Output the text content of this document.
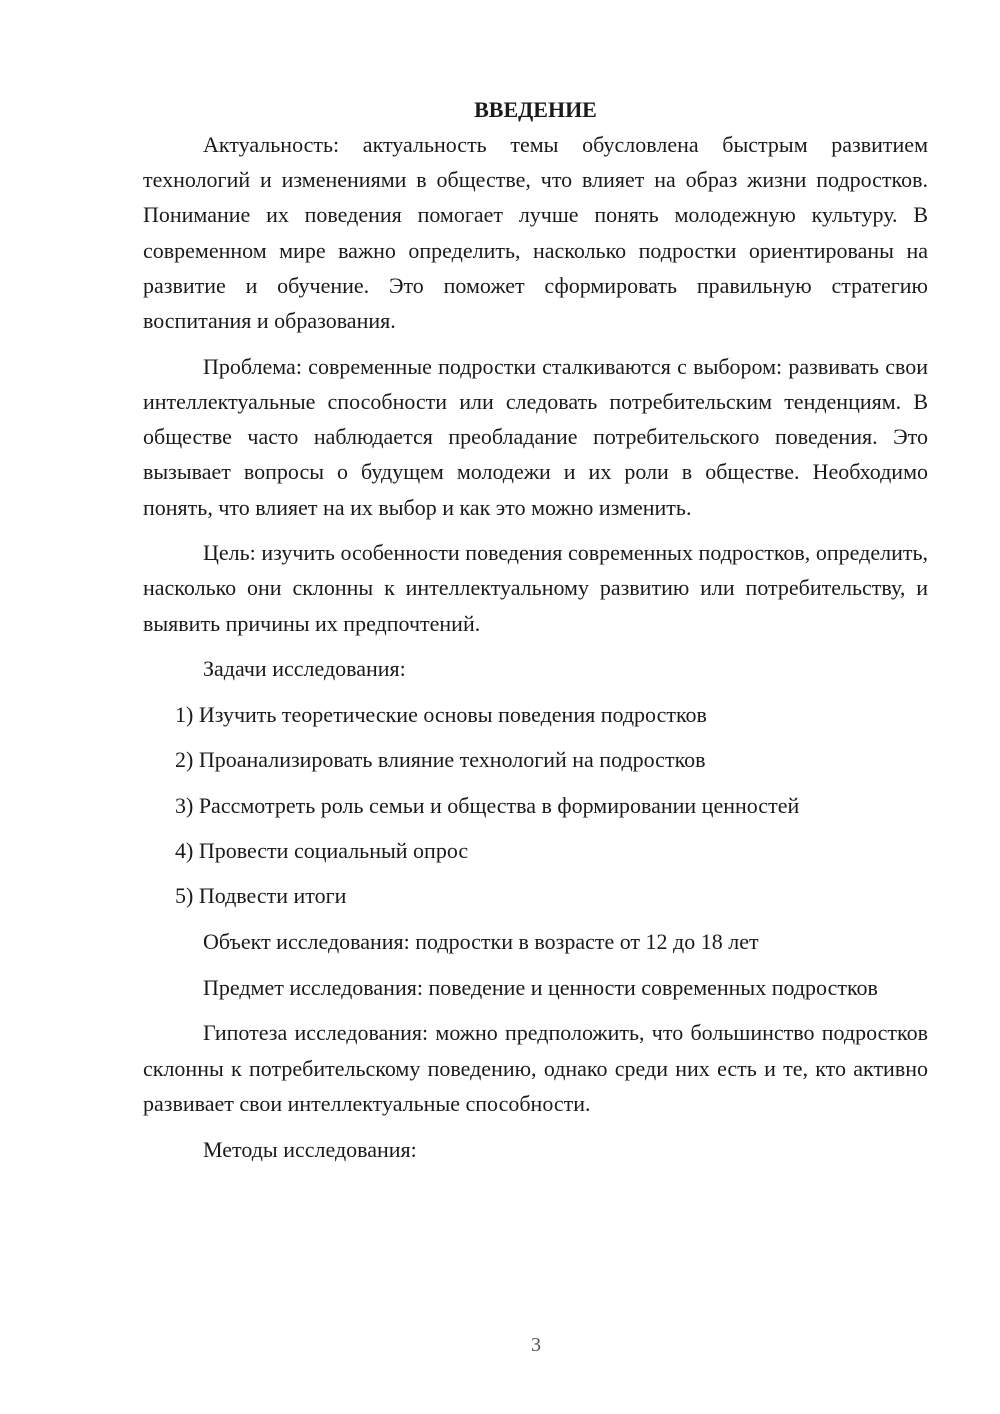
ВВЕДЕНИЕ

Актуальность: актуальность темы обусловлена быстрым развитием технологий и изменениями в обществе, что влияет на образ жизни подростков. Понимание их поведения помогает лучше понять молодежную культуру. В современном мире важно определить, насколько подростки ориентированы на развитие и обучение. Это поможет сформировать правильную стратегию воспитания и образования.

Проблема: современные подростки сталкиваются с выбором: развивать свои интеллектуальные способности или следовать потребительским тенденциям. В обществе часто наблюдается преобладание потребительского поведения. Это вызывает вопросы о будущем молодежи и их роли в обществе. Необходимо понять, что влияет на их выбор и как это можно изменить.

Цель: изучить особенности поведения современных подростков, определить, насколько они склонны к интеллектуальному развитию или потребительству, и выявить причины их предпочтений.

Задачи исследования:

1) Изучить теоретические основы поведения подростков

2) Проанализировать влияние технологий на подростков

3) Рассмотреть роль семьи и общества в формировании ценностей

4) Провести социальный опрос

5) Подвести итоги

Объект исследования: подростки в возрасте от 12 до 18 лет

Предмет исследования: поведение и ценности современных подростков

Гипотеза исследования: можно предположить, что большинство подростков склонны к потребительскому поведению, однако среди них есть и те, кто активно развивает свои интеллектуальные способности.

Методы исследования:

3
